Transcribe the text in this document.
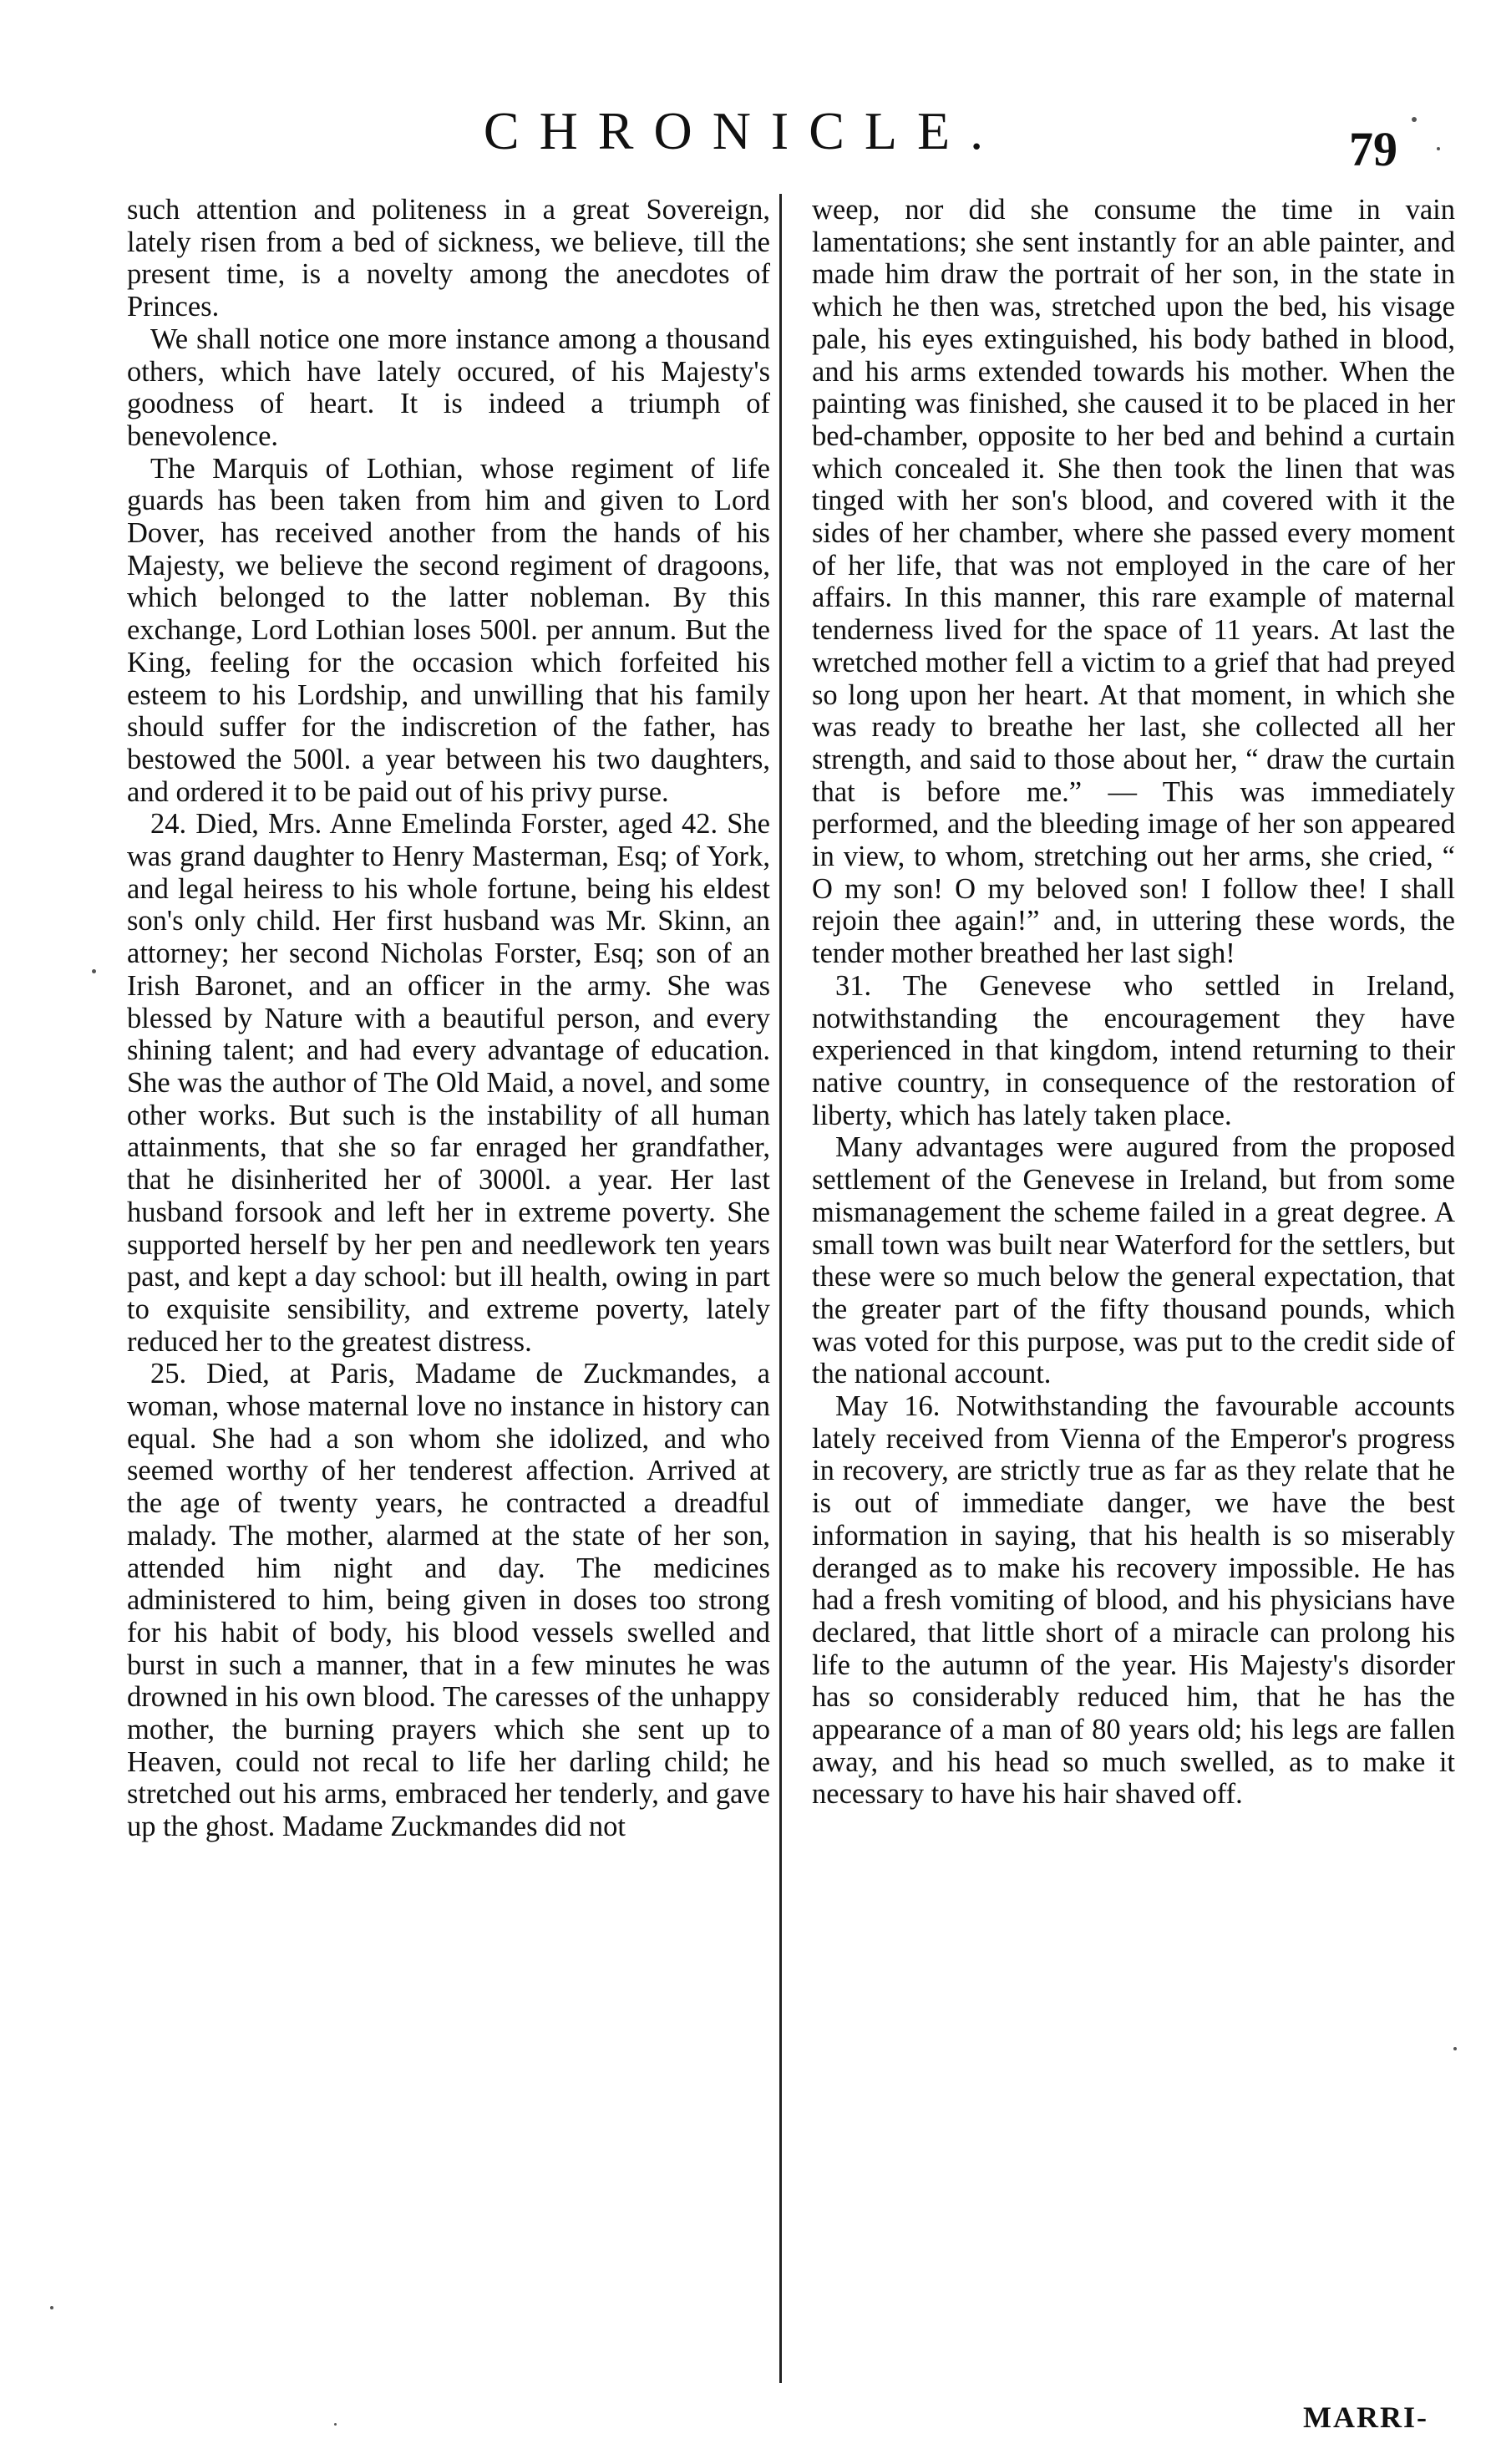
CHRONICLE.	79

such attention and politeness in a great Sovereign, lately risen from a bed of sickness, we believe, till the present time, is a novelty among the anecdotes of Princes.

We shall notice one more instance among a thousand others, which have lately occured, of his Majesty's goodness of heart. It is indeed a triumph of benevolence.

The Marquis of Lothian, whose regiment of life guards has been taken from him and given to Lord Dover, has received another from the hands of his Majesty, we believe the second regiment of dragoons, which belonged to the latter nobleman. By this exchange, Lord Lothian loses 500l. per annum. But the King, feeling for the occasion which forfeited his esteem to his Lordship, and unwilling that his family should suffer for the indiscretion of the father, has bestowed the 500l. a year between his two daughters, and ordered it to be paid out of his privy purse.

24. Died, Mrs. Anne Emelinda Forster, aged 42. She was grand daughter to Henry Masterman, Esq; of York, and legal heiress to his whole fortune, being his eldest son's only child. Her first husband was Mr. Skinn, an attorney; her second Nicholas Forster, Esq; son of an Irish Baronet, and an officer in the army. She was blessed by Nature with a beautiful person, and every shining talent; and had every advantage of education. She was the author of The Old Maid, a novel, and some other works. But such is the instability of all human attainments, that she so far enraged her grandfather, that he disinherited her of 3000l. a year. Her last husband forsook and left her in extreme poverty. She supported herself by her pen and needlework ten years past, and kept a day school: but ill health, owing in part to exquisite sensibility, and extreme poverty, lately reduced her to the greatest distress.

25. Died, at Paris, Madame de Zuckmandes, a woman, whose maternal love no instance in history can equal. She had a son whom she idolized, and who seemed worthy of her tenderest affection. Arrived at the age of twenty years, he contracted a dreadful malady. The mother, alarmed at the state of her son, attended him night and day. The medicines administered to him, being given in doses too strong for his habit of body, his blood vessels swelled and burst in such a manner, that in a few minutes he was drowned in his own blood. The caresses of the unhappy mother, the burning prayers which she sent up to Heaven, could not recal to life her darling child; he stretched out his arms, embraced her tenderly, and gave up the ghost. Madame Zuckmandes did not

weep, nor did she consume the time in vain lamentations; she sent instantly for an able painter, and made him draw the portrait of her son, in the state in which he then was, stretched upon the bed, his visage pale, his eyes extinguished, his body bathed in blood, and his arms extended towards his mother. When the painting was finished, she caused it to be placed in her bed-chamber, opposite to her bed and behind a curtain which concealed it. She then took the linen that was tinged with her son's blood, and covered with it the sides of her chamber, where she passed every moment of her life, that was not employed in the care of her affairs. In this manner, this rare example of maternal tenderness lived for the space of 11 years. At last the wretched mother fell a victim to a grief that had preyed so long upon her heart. At that moment, in which she was ready to breathe her last, she collected all her strength, and said to those about her, “ draw the curtain that is before me.” — This was immediately performed, and the bleeding image of her son appeared in view, to whom, stretching out her arms, she cried, “ O my son! O my beloved son! I follow thee! I shall rejoin thee again!” and, in uttering these words, the tender mother breathed her last sigh!

31. The Genevese who settled in Ireland, notwithstanding the encouragement they have experienced in that kingdom, intend returning to their native country, in consequence of the restoration of liberty, which has lately taken place.

Many advantages were augured from the proposed settlement of the Genevese in Ireland, but from some mismanagement the scheme failed in a great degree. A small town was built near Waterford for the settlers, but these were so much below the general expectation, that the greater part of the fifty thousand pounds, which was voted for this purpose, was put to the credit side of the national account.

May 16. Notwithstanding the favourable accounts lately received from Vienna of the Emperor's progress in recovery, are strictly true as far as they relate that he is out of immediate danger, we have the best information in saying, that his health is so miserably deranged as to make his recovery impossible. He has had a fresh vomiting of blood, and his physicians have declared, that little short of a miracle can prolong his life to the autumn of the year. His Majesty's disorder has so considerably reduced him, that he has the appearance of a man of 80 years old; his legs are fallen away, and his head so much swelled, as to make it necessary to have his hair shaved off.

MARRI-
